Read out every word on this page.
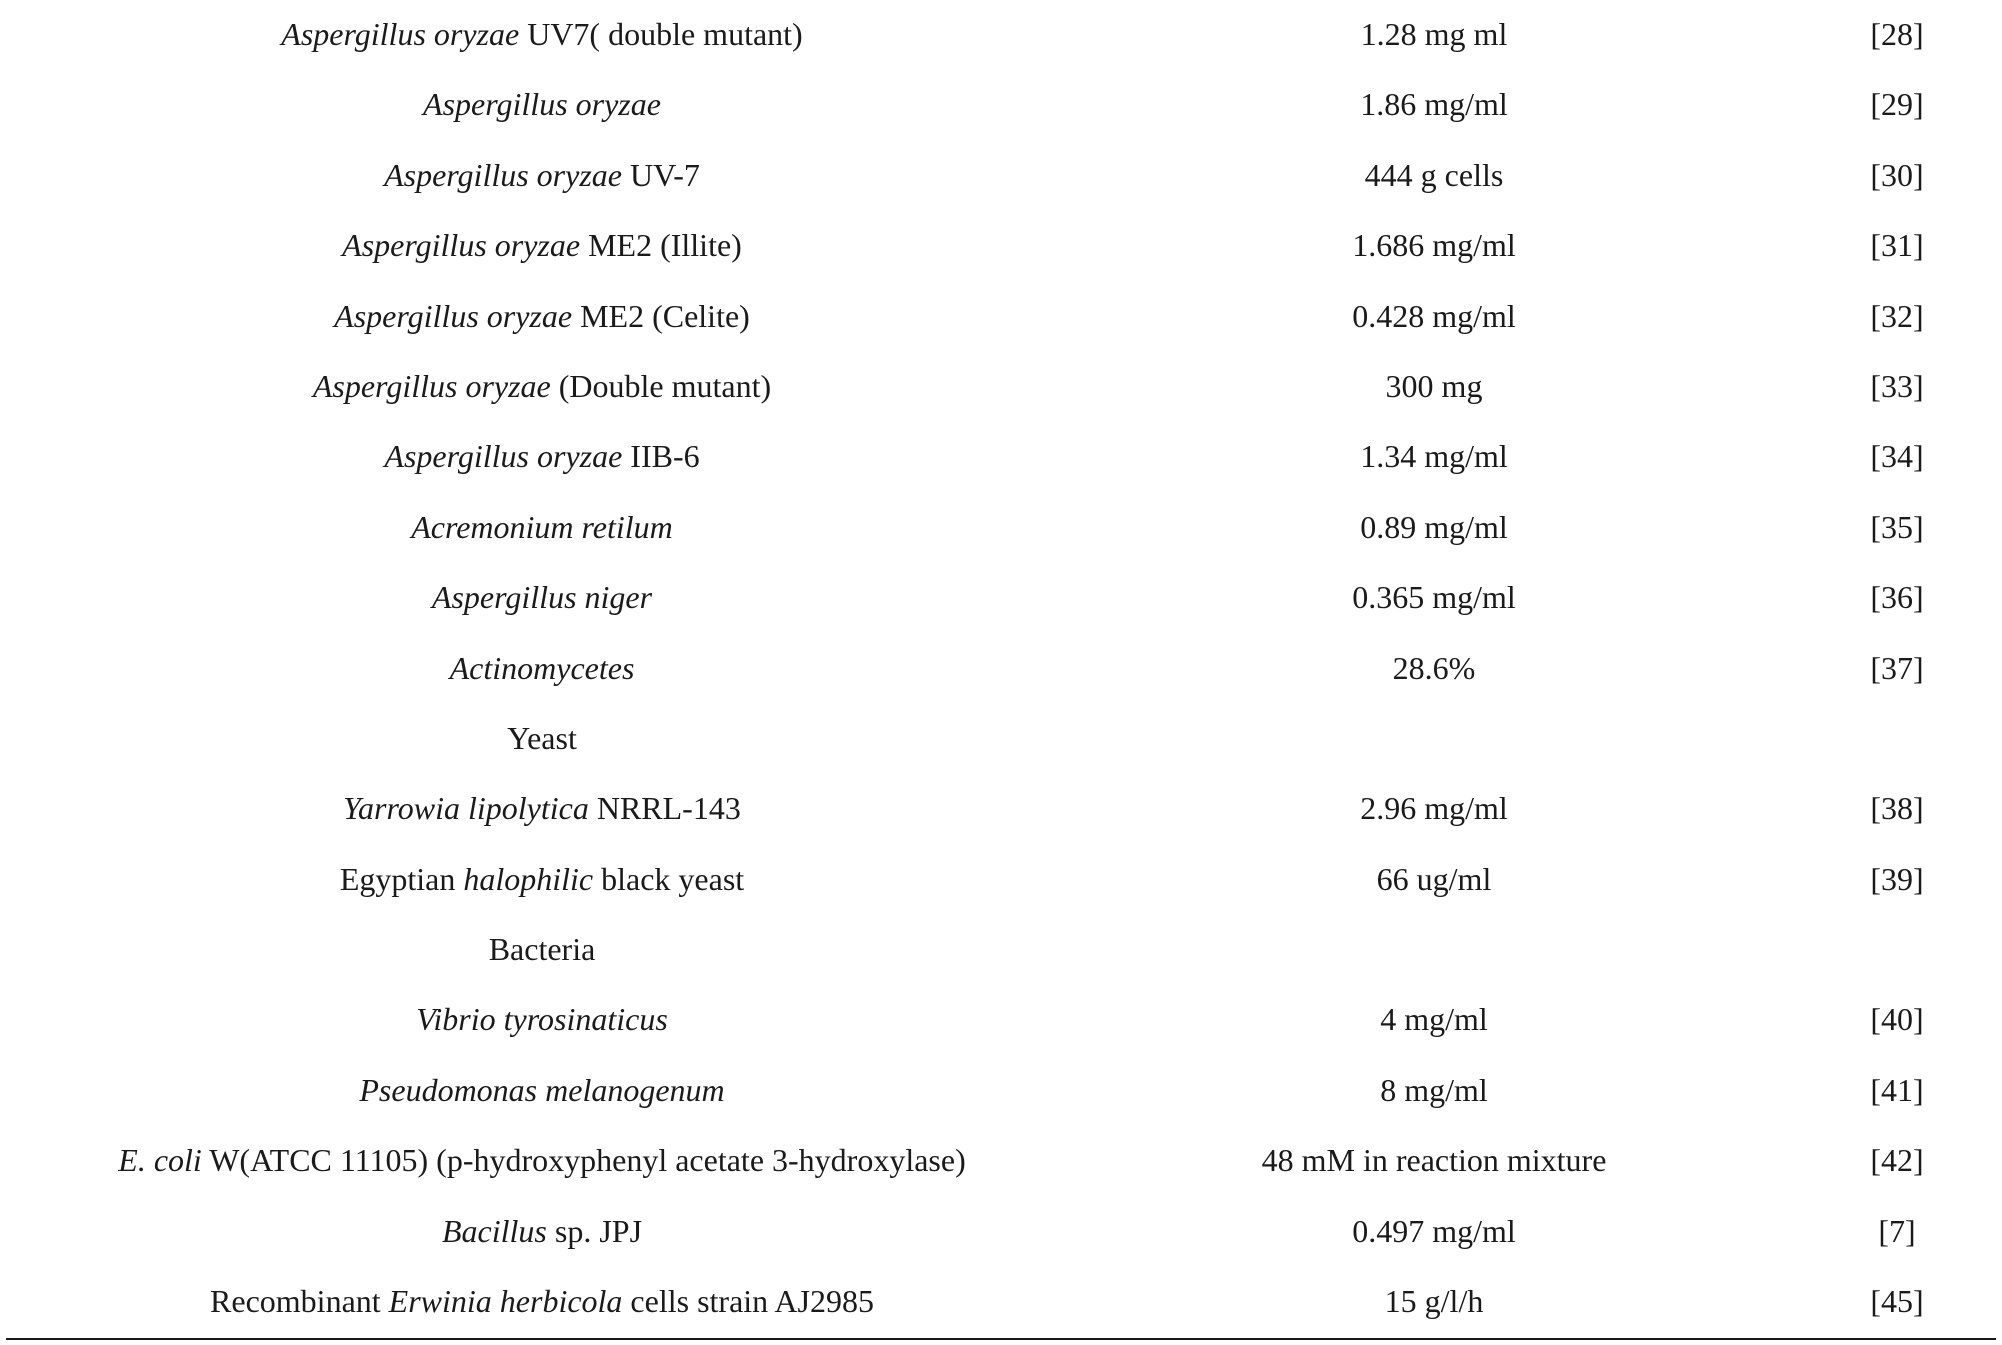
Aspergillus oryzae UV7( double mutant)	1.28 mg ml	[28]
Aspergillus oryzae	1.86 mg/ml	[29]
Aspergillus oryzae UV-7	444 g cells	[30]
Aspergillus oryzae ME2 (Illite)	1.686 mg/ml	[31]
Aspergillus oryzae ME2 (Celite)	0.428 mg/ml	[32]
Aspergillus oryzae (Double mutant)	300 mg	[33]
Aspergillus oryzae IIB-6	1.34 mg/ml	[34]
Acremonium retilum	0.89 mg/ml	[35]
Aspergillus niger	0.365 mg/ml	[36]
Actinomycetes	28.6%	[37]
Yeast
Yarrowia lipolytica NRRL-143	2.96 mg/ml	[38]
Egyptian halophilic black yeast	66 ug/ml	[39]
Bacteria
Vibrio tyrosinaticus	4 mg/ml	[40]
Pseudomonas melanogenum	8 mg/ml	[41]
E. coli W(ATCC 11105) (p-hydroxyphenyl acetate 3-hydroxylase)	48 mM in reaction mixture	[42]
Bacillus sp. JPJ	0.497 mg/ml	[7]
Recombinant Erwinia herbicola cells strain AJ2985	15 g/l/h	[45]
